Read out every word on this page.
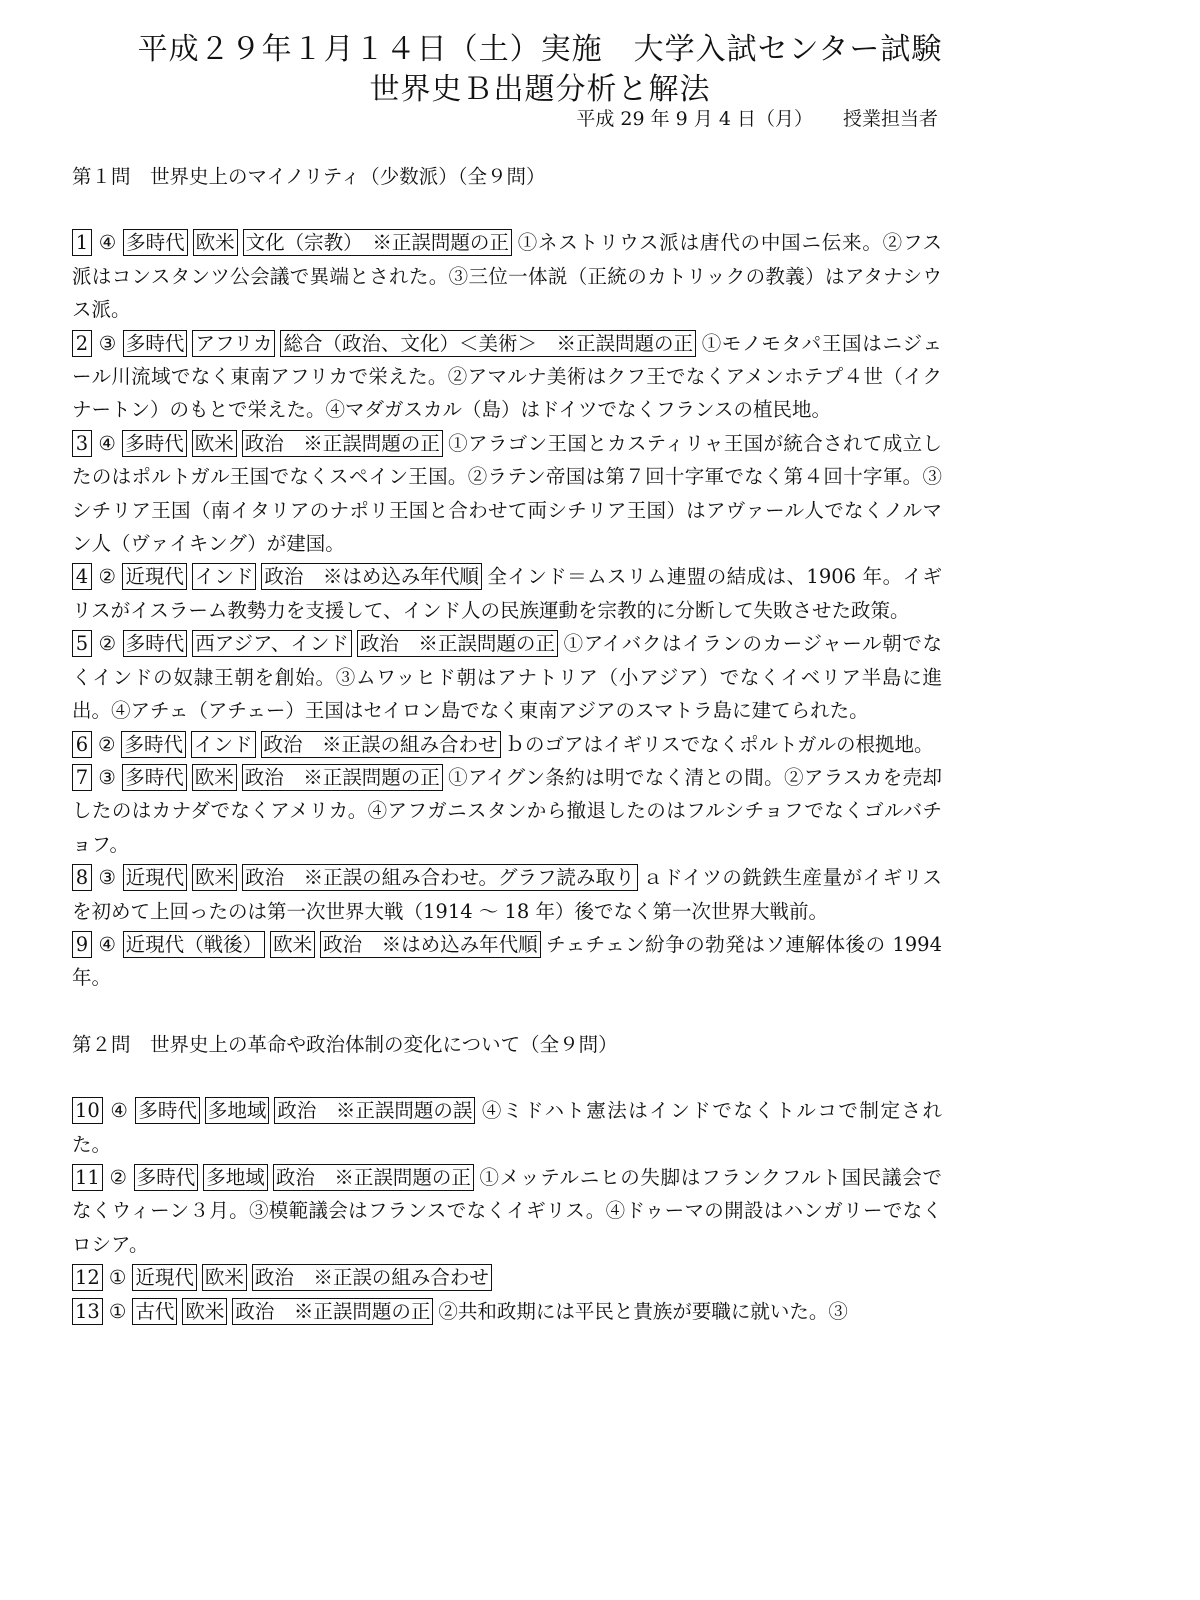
平成２９年１月１４日（土）実施　大学入試センター試験
世界史Ｂ出題分析と解法
平成 29 年 9 月 4 日（月） 授業担当者

第１問　世界史上のマイノリティ（少数派）（全９問）

1 ④ 多時代 欧米 文化（宗教）　※正誤問題の正 ①ネストリウス派は唐代の中国ニ伝来。②フス派はコンスタンツ公会議で異端とされた。③三位一体説（正統のカトリックの教義）はアタナシウス派。

2 ③ 多時代 アフリカ 総合（政治、文化）＜美術＞　※正誤問題の正 ①モノモタパ王国はニジェール川流域でなく東南アフリカで栄えた。②アマルナ美術はクフ王でなくアメンホテプ４世（イクナートン）のもとで栄えた。④マダガスカル（島）はドイツでなくフランスの植民地。

3 ④ 多時代 欧米 政治　※正誤問題の正 ①アラゴン王国とカスティリャ王国が統合されて成立したのはポルトガル王国でなくスペイン王国。②ラテン帝国は第７回十字軍でなく第４回十字軍。③シチリア王国（南イタリアのナポリ王国と合わせて両シチリア王国）はアヴァール人でなくノルマン人（ヴァイキング）が建国。

4 ② 近現代 インド 政治　※はめ込み年代順 全インド＝ムスリム連盟の結成は、1906 年。イギリスがイスラーム教勢力を支援して、インド人の民族運動を宗教的に分断して失敗させた政策。

5 ② 多時代 西アジア、インド 政治　※正誤問題の正 ①アイバクはイランのカージャール朝でなくインドの奴隷王朝を創始。③ムワッヒド朝はアナトリア（小アジア）でなくイベリア半島に進出。④アチェ（アチェー）王国はセイロン島でなく東南アジアのスマトラ島に建てられた。

6 ② 多時代 インド 政治　※正誤の組み合わせ ｂのゴアはイギリスでなくポルトガルの根拠地。

7 ③ 多時代 欧米 政治　※正誤問題の正 ①アイグン条約は明でなく清との間。②アラスカを売却したのはカナダでなくアメリカ。④アフガニスタンから撤退したのはフルシチョフでなくゴルバチョフ。

8 ③ 近現代 欧米 政治　※正誤の組み合わせ。グラフ読み取り ａドイツの銑鉄生産量がイギリスを初めて上回ったのは第一次世界大戦（1914 ～ 18 年）後でなく第一次世界大戦前。

9 ④ 近現代（戦後） 欧米 政治　※はめ込み年代順 チェチェン紛争の勃発はソ連解体後の 1994 年。

第２問　世界史上の革命や政治体制の変化について（全９問）

10 ④ 多時代 多地域 政治　※正誤問題の誤 ④ミドハト憲法はインドでなくトルコで制定された。

11 ② 多時代 多地域 政治　※正誤問題の正 ①メッテルニヒの失脚はフランクフルト国民議会でなくウィーン３月。③模範議会はフランスでなくイギリス。④ドゥーマの開設はハンガリーでなくロシア。

12 ① 近現代 欧米 政治　※正誤の組み合わせ

13 ① 古代 欧米 政治　※正誤問題の正 ②共和政期には平民と貴族が要職に就いた。③
